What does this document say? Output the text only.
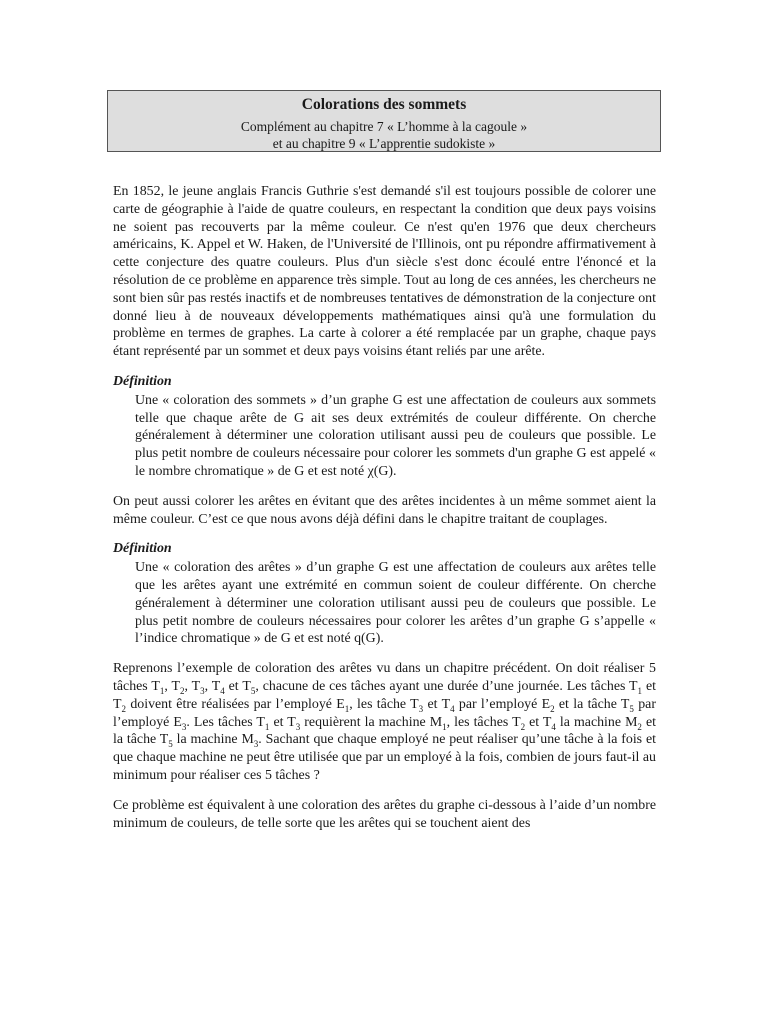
Colorations des sommets
Complément au chapitre 7 « L’homme à la cagoule »
et au chapitre 9 « L’apprentie sudokiste »

En 1852, le jeune anglais Francis Guthrie s'est demandé s'il est toujours possible de colorer une carte de géographie à l'aide de quatre couleurs, en respectant la condition que deux pays voisins ne soient pas recouverts par la même couleur. Ce n'est qu'en 1976 que deux chercheurs américains, K. Appel et W. Haken, de l'Université de l'Illinois, ont pu répondre affirmativement à cette conjecture des quatre couleurs. Plus d'un siècle s'est donc écoulé entre l'énoncé et la résolution de ce problème en apparence très simple. Tout au long de ces années, les chercheurs ne sont bien sûr pas restés inactifs et de nombreuses tentatives de démonstration de la conjecture ont donné lieu à de nouveaux développements mathématiques ainsi qu'à une formulation du problème en termes de graphes. La carte à colorer a été remplacée par un graphe, chaque pays étant représenté par un sommet et deux pays voisins étant reliés par une arête.

Définition

Une « coloration des sommets » d’un graphe G est une affectation de couleurs aux sommets telle que chaque arête de G ait ses deux extrémités de couleur différente. On cherche généralement à déterminer une coloration utilisant aussi peu de couleurs que possible. Le plus petit nombre de couleurs nécessaire pour colorer les sommets d'un graphe G est appelé « le nombre chromatique » de G et est noté χ(G).

On peut aussi colorer les arêtes en évitant que des arêtes incidentes à un même sommet aient la même couleur. C’est ce que nous avons déjà défini dans le chapitre traitant de couplages.

Définition

Une « coloration des arêtes » d’un graphe G est une affectation de couleurs aux arêtes telle que les arêtes ayant une extrémité en commun soient de couleur différente. On cherche généralement à déterminer une coloration utilisant aussi peu de couleurs que possible. Le plus petit nombre de couleurs nécessaires pour colorer les arêtes d’un graphe G s’appelle « l’indice chromatique » de G et est noté q(G).

Reprenons l’exemple de coloration des arêtes vu dans un chapitre précédent. On doit réaliser 5 tâches $T_1$, $T_2$, $T_3$, $T_4$ et $T_5$, chacune de ces tâches ayant une durée d’une journée. Les tâches $T_1$ et $T_2$ doivent être réalisées par l’employé $E_1$, les tâche $T_3$ et $T_4$ par l’employé $E_2$ et la tâche $T_5$ par l’employé $E_3$. Les tâches $T_1$ et $T_3$ requièrent la machine $M_1$, les tâches $T_2$ et $T_4$ la machine $M_2$ et la tâche $T_5$ la machine $M_3$. Sachant que chaque employé ne peut réaliser qu’une tâche à la fois et que chaque machine ne peut être utilisée que par un employé à la fois, combien de jours faut-il au minimum pour réaliser ces 5 tâches ?

Ce problème est équivalent à une coloration des arêtes du graphe ci-dessous à l’aide d’un nombre minimum de couleurs, de telle sorte que les arêtes qui se touchent aient des
